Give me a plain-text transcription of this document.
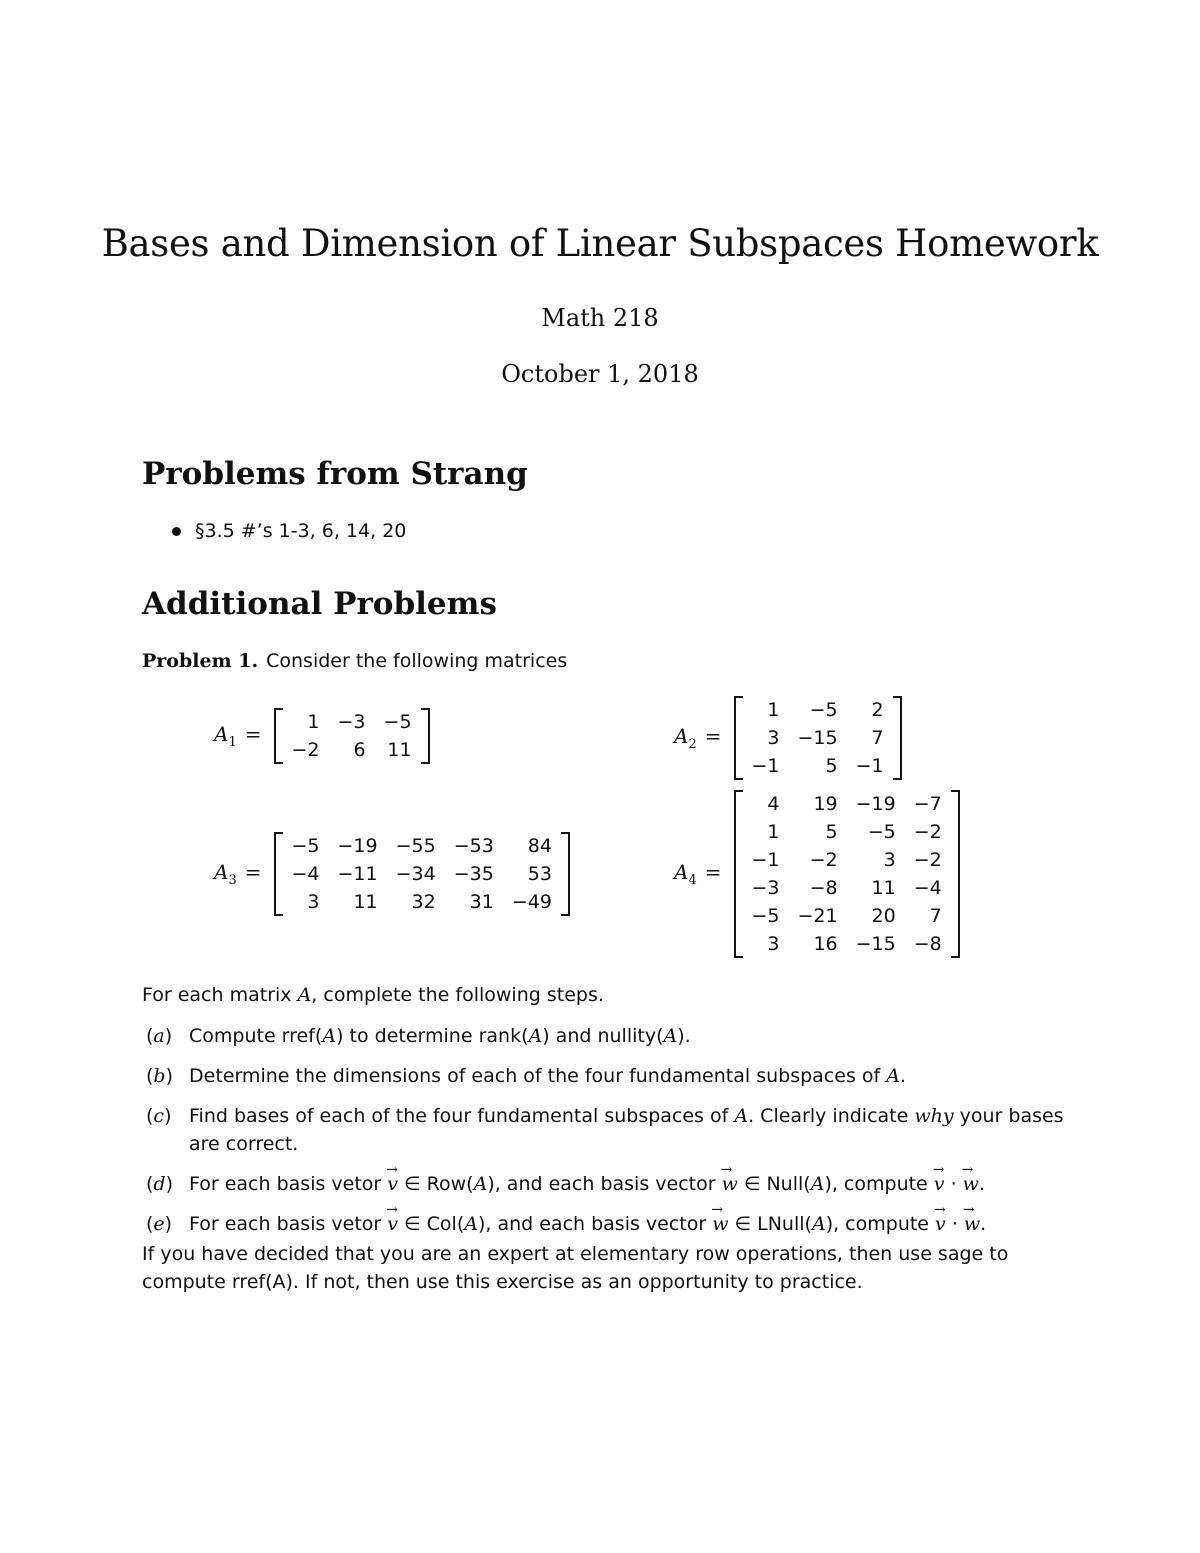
Bases and Dimension of Linear Subspaces Homework
Math 218
October 1, 2018
Problems from Strang
§3.5 #’s 1-3, 6, 14, 20
Additional Problems
Problem 1. Consider the following matrices
$A_1 = 1$	−3	−5
−2	6	11
$A_2$ =
1	−5	2
3	−15	7
−1	5	−1
$A_3$ =
−5	−19	−55	−53	84
−4	−11	−34	−35	53
3	11	32	31	−49
$A_4$ =
4	19	−19	−7
1	5	−5	−2
−1	−2	3	−2
−3	−8	11	−4
−5	−21	20	7
3	16	−15	−8
For each matrix A, complete the following steps.
(a) Compute rref(A) to determine rank(A) and nullity(A).
(b) Determine the dimensions of each of the four fundamental subspaces of A.
(c) Find bases of each of the four fundamental subspaces of A. Clearly indicate why your bases are correct.
(d) For each basis vetor → v ∈ Row(A), and each basis vector → w ∈ Null(A), compute → v · → w.
(e) For each basis vetor → v ∈ Col(A), and each basis vector → w ∈ LNull(A), compute → v · → w.
If you have decided that you are an expert at elementary row operations, then use sage to compute rref(A). If not, then use this exercise as an opportunity to practice.
